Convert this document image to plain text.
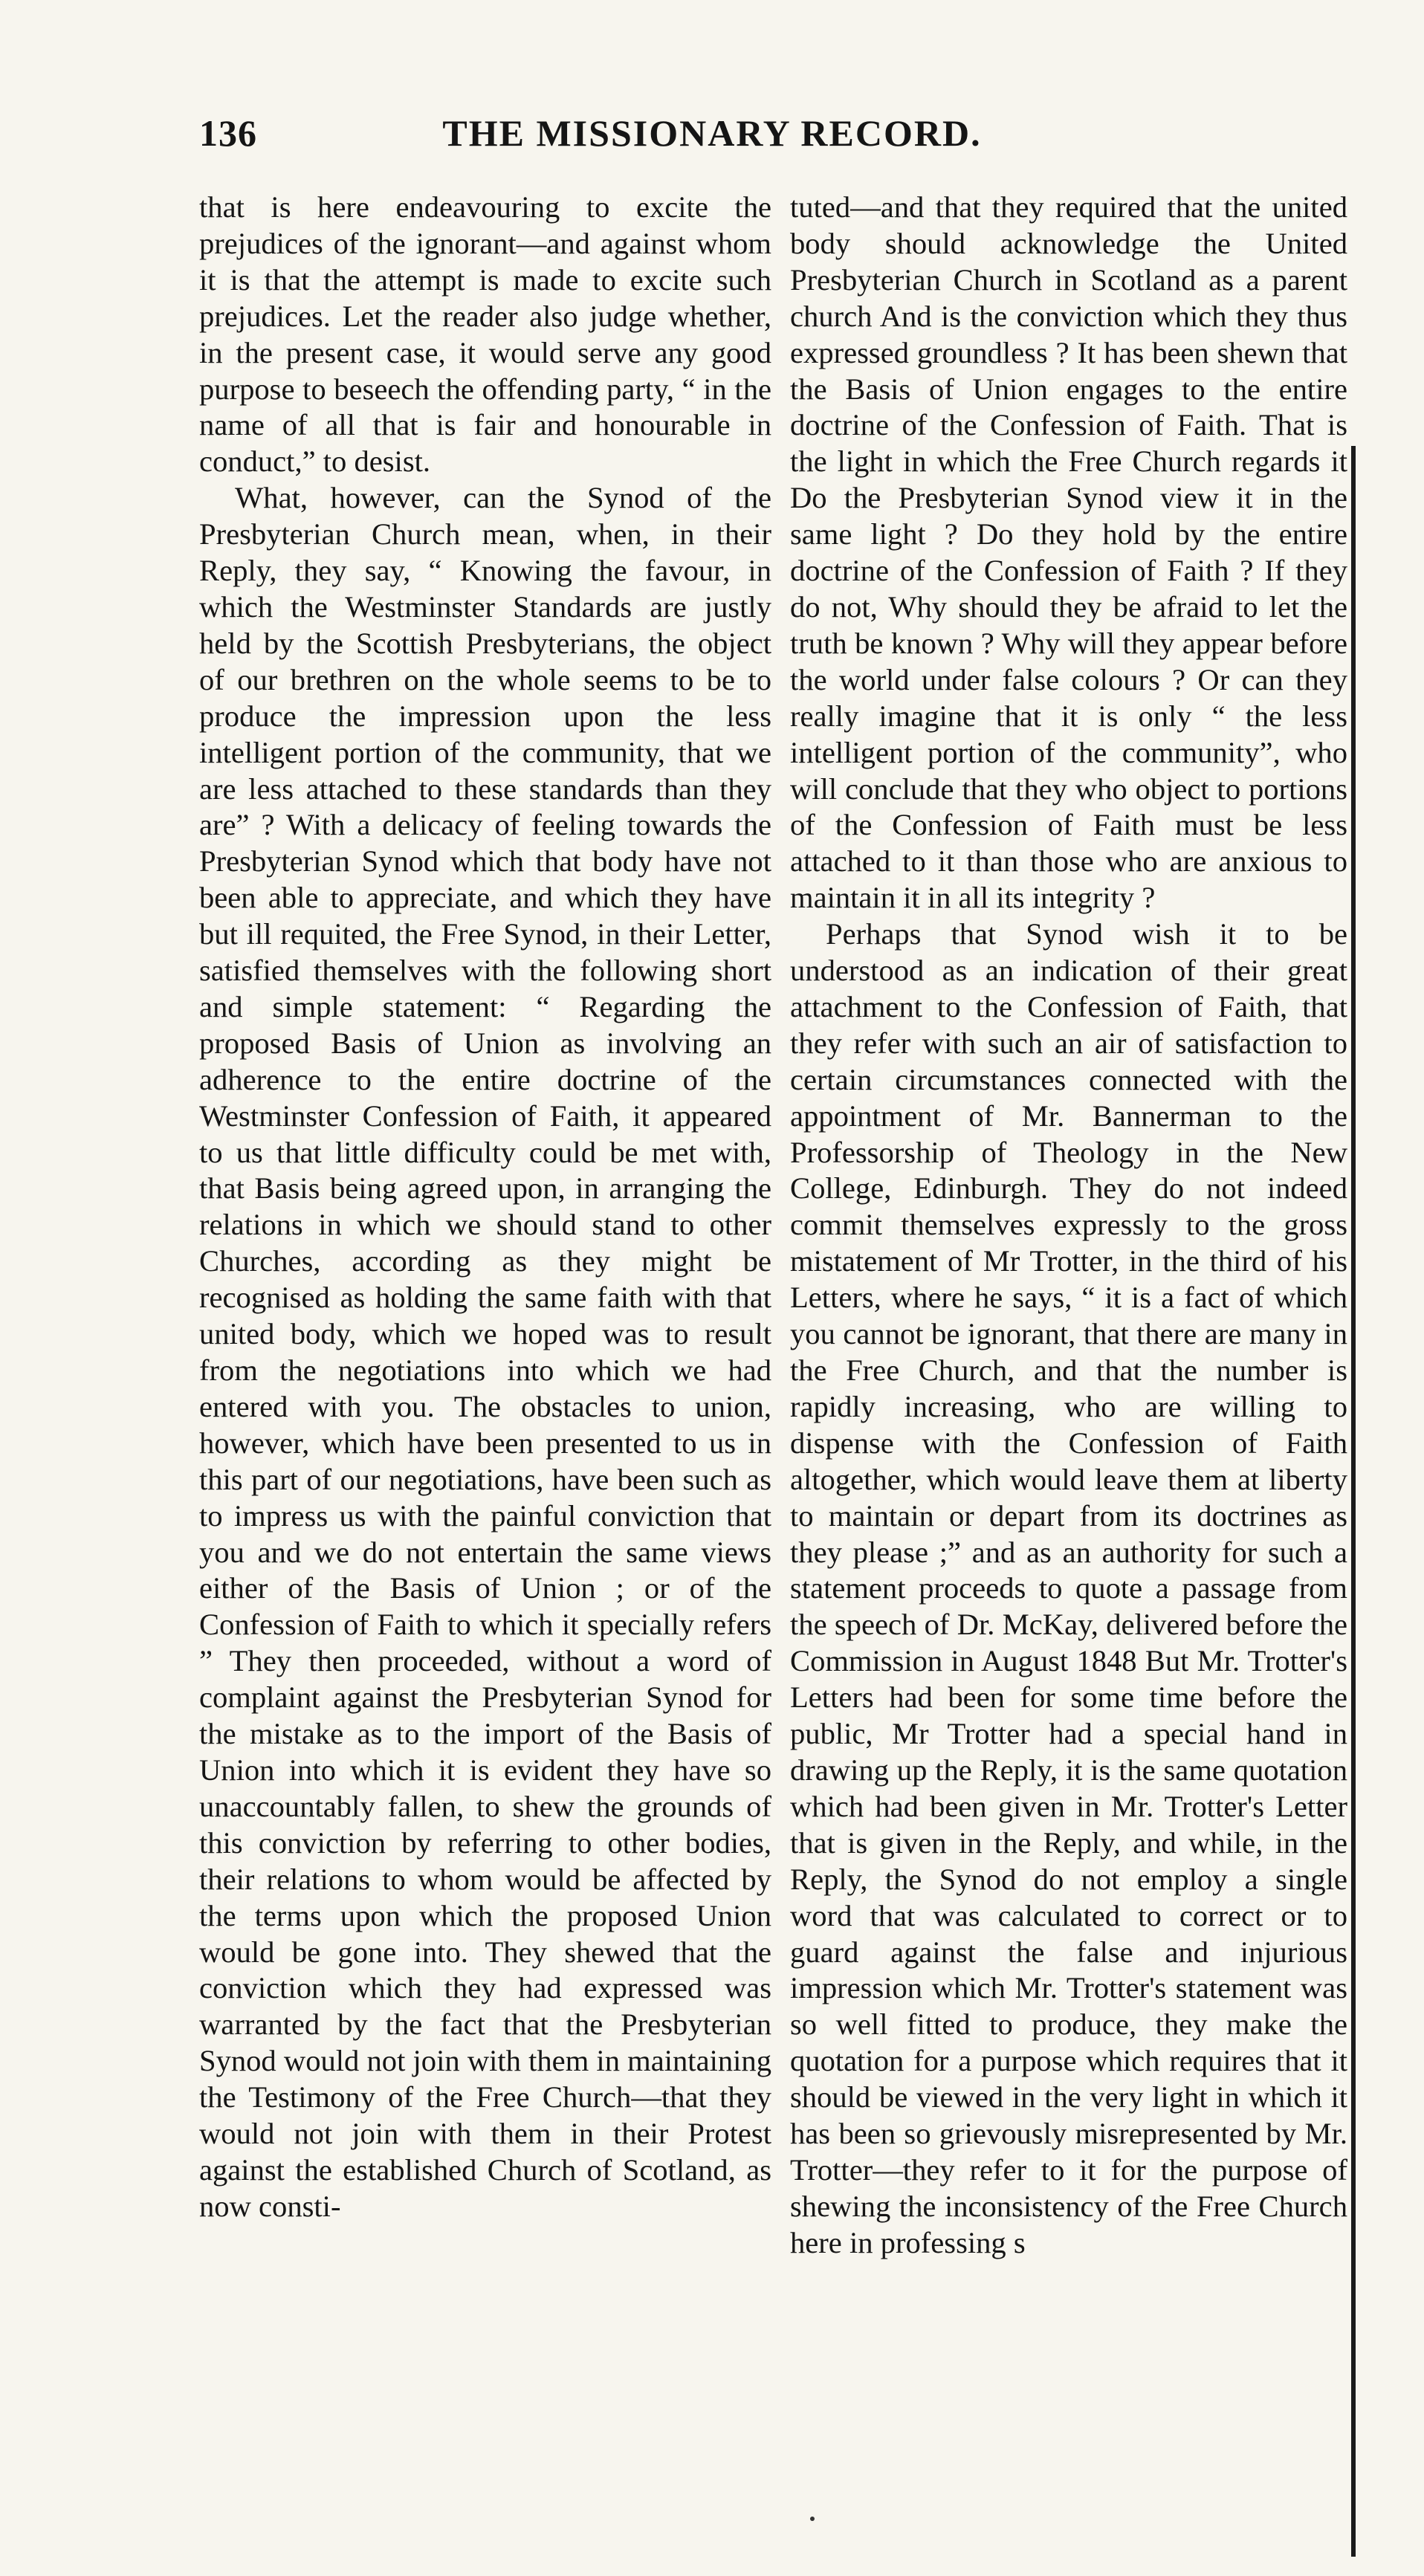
136	THE MISSIONARY RECORD.

that is here endeavouring to excite the prejudices of the ignorant—and against whom it is that the attempt is made to excite such prejudices. Let the reader also judge whether, in the present case, it would serve any good purpose to beseech the offending party, “ in the name of all that is fair and honourable in conduct,” to desist.

What, however, can the Synod of the Presbyterian Church mean, when, in their Reply, they say, “ Knowing the favour, in which the Westminster Standards are justly held by the Scottish Presbyterians, the object of our brethren on the whole seems to be to produce the impression upon the less intelligent portion of the community, that we are less attached to these standards than they are” ? With a delicacy of feeling towards the Presbyterian Synod which that body have not been able to appreciate, and which they have but ill requited, the Free Synod, in their Letter, satisfied themselves with the following short and simple statement: “ Regarding the proposed Basis of Union as involving an adherence to the entire doctrine of the Westminster Confession of Faith, it appeared to us that little difficulty could be met with, that Basis being agreed upon, in arranging the relations in which we should stand to other Churches, according as they might be recognised as holding the same faith with that united body, which we hoped was to result from the negotiations into which we had entered with you. The obstacles to union, however, which have been presented to us in this part of our negotiations, have been such as to impress us with the painful conviction that you and we do not entertain the same views either of the Basis of Union ; or of the Confession of Faith to which it specially refers ” They then proceeded, without a word of complaint against the Presbyterian Synod for the mistake as to the import of the Basis of Union into which it is evident they have so unaccountably fallen, to shew the grounds of this conviction by referring to other bodies, their relations to whom would be affected by the terms upon which the proposed Union would be gone into. They shewed that the conviction which they had expressed was warranted by the fact that the Presbyterian Synod would not join with them in maintaining the Testimony of the Free Church—that they would not join with them in their Protest against the established Church of Scotland, as now consti-

tuted—and that they required that the united body should acknowledge the United Presbyterian Church in Scotland as a parent church And is the conviction which they thus expressed groundless ? It has been shewn that the Basis of Union engages to the entire doctrine of the Confession of Faith. That is the light in which the Free Church regards it Do the Presbyterian Synod view it in the same light ? Do they hold by the entire doctrine of the Confession of Faith ? If they do not, Why should they be afraid to let the truth be known ? Why will they appear before the world under false colours ? Or can they really imagine that it is only “ the less intelligent portion of the community”, who will conclude that they who object to portions of the Confession of Faith must be less attached to it than those who are anxious to maintain it in all its integrity ?

Perhaps that Synod wish it to be understood as an indication of their great attachment to the Confession of Faith, that they refer with such an air of satisfaction to certain circumstances connected with the appointment of Mr. Bannerman to the Professorship of Theology in the New College, Edinburgh. They do not indeed commit themselves expressly to the gross mistatement of Mr Trotter, in the third of his Letters, where he says, “ it is a fact of which you cannot be ignorant, that there are many in the Free Church, and that the number is rapidly increasing, who are willing to dispense with the Confession of Faith altogether, which would leave them at liberty to maintain or depart from its doctrines as they please ;” and as an authority for such a statement proceeds to quote a passage from the speech of Dr. McKay, delivered before the Commission in August 1848 But Mr. Trotter's Letters had been for some time before the public, Mr Trotter had a special hand in drawing up the Reply, it is the same quotation which had been given in Mr. Trotter's Letter that is given in the Reply, and while, in the Reply, the Synod do not employ a single word that was calculated to correct or to guard against the false and injurious impression which Mr. Trotter's statement was so well fitted to produce, they make the quotation for a purpose which requires that it should be viewed in the very light in which it has been so grievously misrepresented by Mr. Trotter—they refer to it for the purpose of shewing the inconsistency of the Free Church here in professing s
